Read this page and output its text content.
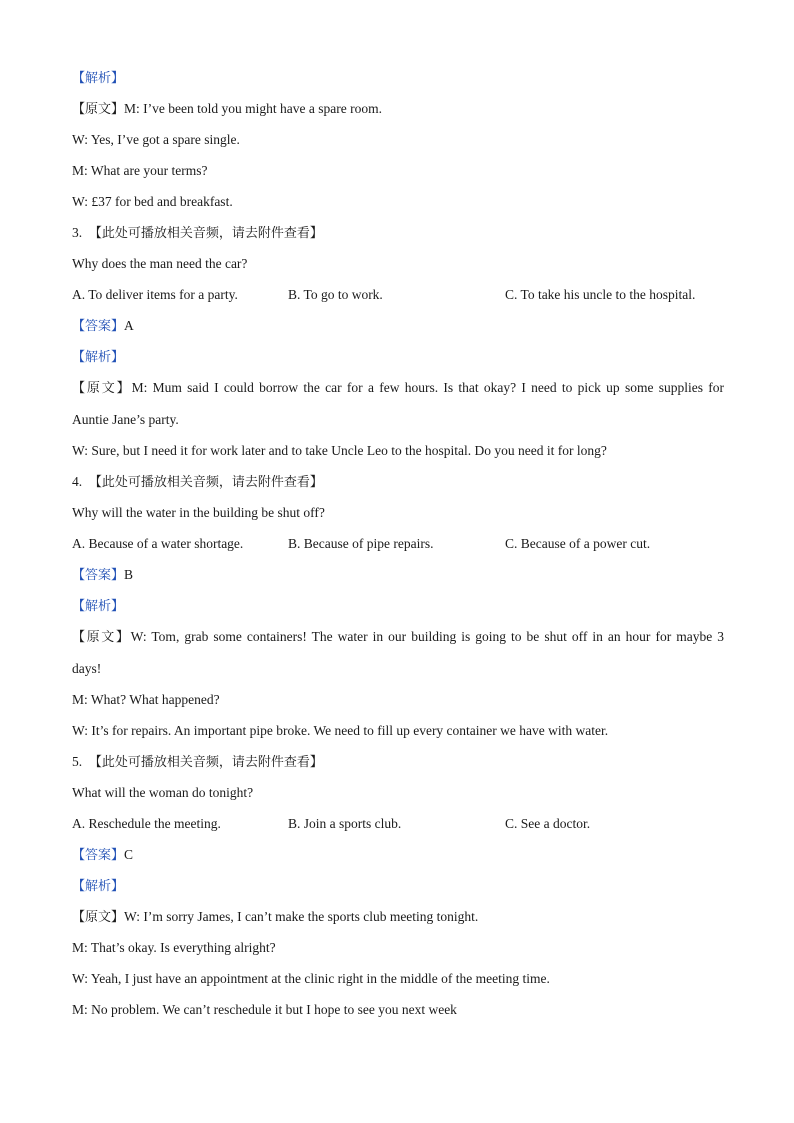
【解析】
【原文】M: I’ve been told you might have a spare room.
W: Yes, I’ve got a spare single.
M: What are your terms?
W: £37 for bed and breakfast.
3. 【此处可播放相关音频，请去附件查看】
Why does the man need the car?
A. To deliver items for a party.	B. To go to work.	C. To take his uncle to the hospital.
【答案】A
【解析】
【原文】M: Mum said I could borrow the car for a few hours. Is that okay? I need to pick up some supplies for
Auntie Jane’s party.
W: Sure, but I need it for work later and to take Uncle Leo to the hospital. Do you need it for long?
4. 【此处可播放相关音频，请去附件查看】
Why will the water in the building be shut off?
A. Because of a water shortage.	B. Because of pipe repairs.	C. Because of a power cut.
【答案】B
【解析】
【原文】W: Tom, grab some containers! The water in our building is going to be shut off in an hour for maybe 3
days!
M: What? What happened?
W: It’s for repairs. An important pipe broke. We need to fill up every container we have with water.
5. 【此处可播放相关音频，请去附件查看】
What will the woman do tonight?
A. Reschedule the meeting.	B. Join a sports club.	C. See a doctor.
【答案】C
【解析】
【原文】W: I’m sorry James, I can’t make the sports club meeting tonight.
M: That’s okay. Is everything alright?
W: Yeah, I just have an appointment at the clinic right in the middle of the meeting time.
M: No problem. We can’t reschedule it but I hope to see you next week
